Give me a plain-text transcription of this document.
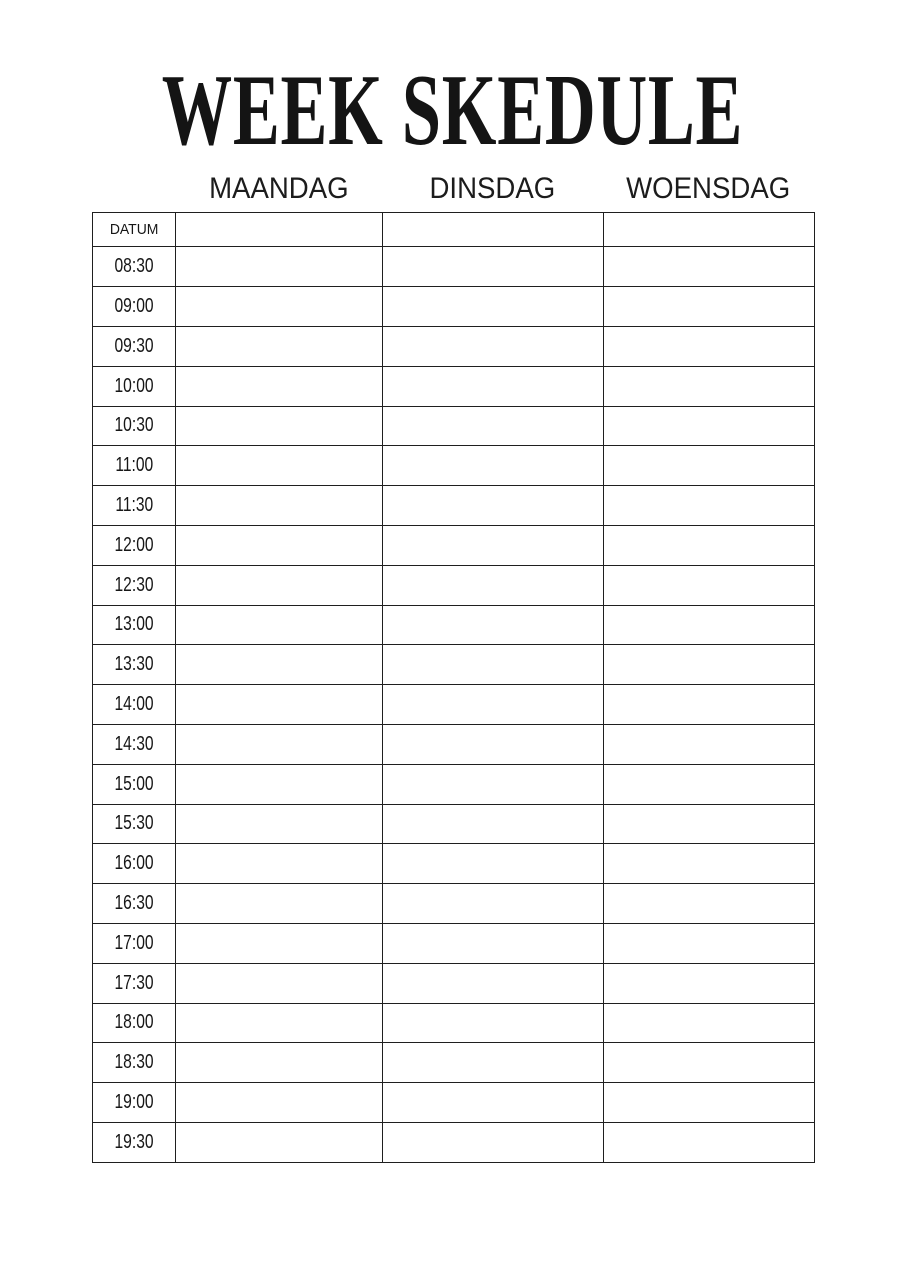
WEEK SKEDULE
MAANDAG	DINSDAG WOENSDAG
DATUM			
08:30			
09:00			
09:30			
10:00			
10:30			
11:00			
11:30			
12:00			
12:30			
13:00			
13:30			
14:00			
14:30			
15:00			
15:30			
16:00			
16:30			
17:00			
17:30			
18:00			
18:30			
19:00			
19:30			
